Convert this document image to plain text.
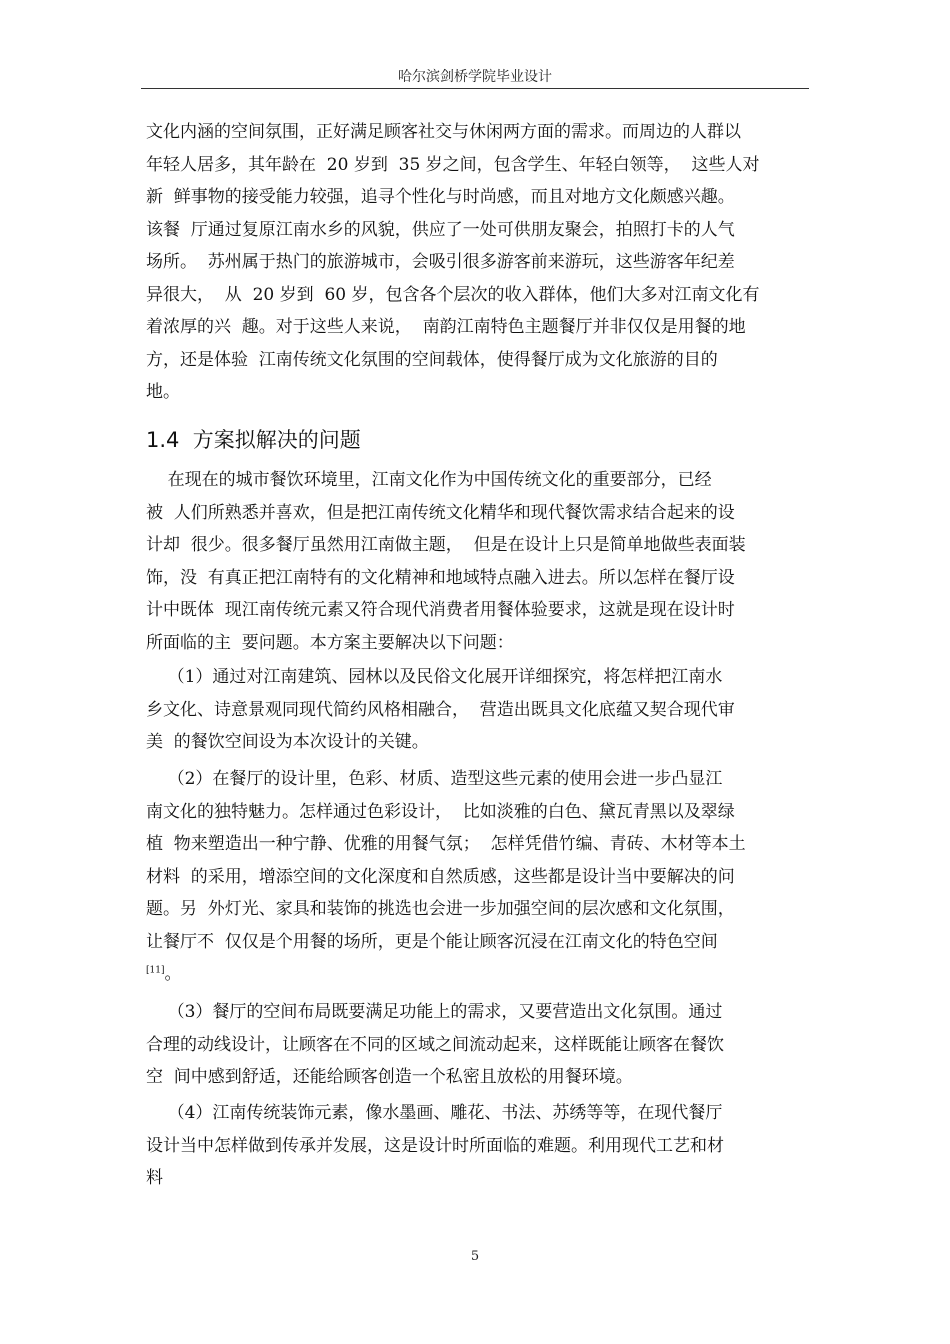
哈尔滨剑桥学院毕业设计
文化内涵的空间氛围，正好满足顾客社交与休闲两方面的需求。而周边的人群以
年轻人居多，其年龄在  20 岁到  35 岁之间，包含学生、年轻白领等，  这些人对
新  鲜事物的接受能力较强，追寻个性化与时尚感，而且对地方文化颇感兴趣。
该餐  厅通过复原江南水乡的风貌，供应了一处可供朋友聚会，拍照打卡的人气
场所。  苏州属于热门的旅游城市，会吸引很多游客前来游玩，这些游客年纪差
异很大，  从  20 岁到  60 岁，包含各个层次的收入群体，他们大多对江南文化有
着浓厚的兴  趣。对于这些人来说，  南韵江南特色主题餐厅并非仅仅是用餐的地
方，还是体验  江南传统文化氛围的空间载体，使得餐厅成为文化旅游的目的
地。
1.4  方案拟解决的问题
在现在的城市餐饮环境里，江南文化作为中国传统文化的重要部分，已经
被  人们所熟悉并喜欢，但是把江南传统文化精华和现代餐饮需求结合起来的设
计却  很少。很多餐厅虽然用江南做主题，  但是在设计上只是简单地做些表面装
饰，没  有真正把江南特有的文化精神和地域特点融入进去。所以怎样在餐厅设
计中既体  现江南传统元素又符合现代消费者用餐体验要求，这就是现在设计时
所面临的主  要问题。本方案主要解决以下问题：
（1）通过对江南建筑、园林以及民俗文化展开详细探究，将怎样把江南水
乡文化、诗意景观同现代简约风格相融合，  营造出既具文化底蕴又契合现代审
美  的餐饮空间设为本次设计的关键。
（2）在餐厅的设计里，色彩、材质、造型这些元素的使用会进一步凸显江
南文化的独特魅力。怎样通过色彩设计，  比如淡雅的白色、黛瓦青黑以及翠绿
植  物来塑造出一种宁静、优雅的用餐气氛；  怎样凭借竹编、青砖、木材等本土
材料  的采用，增添空间的文化深度和自然质感，这些都是设计当中要解决的问
题。另  外灯光、家具和装饰的挑选也会进一步加强空间的层次感和文化氛围，
让餐厅不  仅仅是个用餐的场所，更是个能让顾客沉浸在江南文化的特色空间
[11]。
（3）餐厅的空间布局既要满足功能上的需求，又要营造出文化氛围。通过
合理的动线设计，让顾客在不同的区域之间流动起来，这样既能让顾客在餐饮
空  间中感到舒适，还能给顾客创造一个私密且放松的用餐环境。
（4）江南传统装饰元素，像水墨画、雕花、书法、苏绣等等，在现代餐厅
设计当中怎样做到传承并发展，这是设计时所面临的难题。利用现代工艺和材
料
5
